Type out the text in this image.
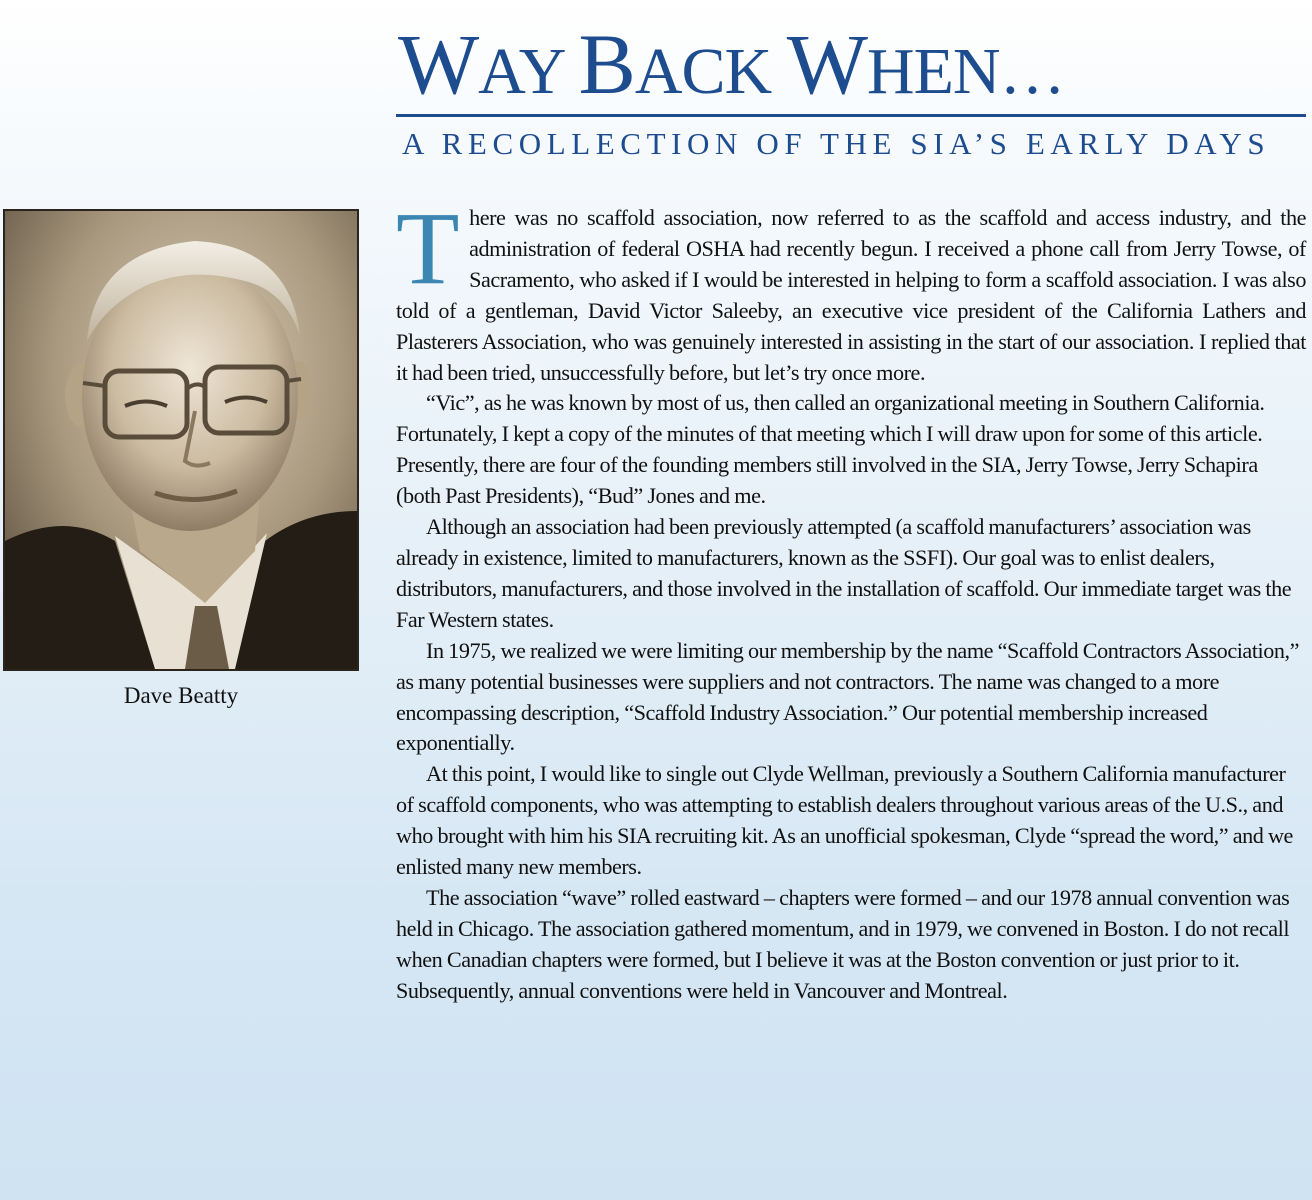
WAY BACK WHEN…
A RECOLLECTION OF THE SIA’S EARLY DAYS
Dave Beatty

There was no scaffold association, now referred to as the scaffold and access industry, and the administration of federal OSHA had recently begun. I received a phone call from Jerry Towse, of Sacramento, who asked if I would be interested in helping to form a scaffold association. I was also told of a gentleman, David Victor Saleeby, an executive vice president of the California Lathers and Plasterers Association, who was genuinely interested in assisting in the start of our association. I replied that it had been tried, unsuccessfully before, but let’s try once more.

“Vic”, as he was known by most of us, then called an organizational meeting in Southern California. Fortunately, I kept a copy of the minutes of that meeting which I will draw upon for some of this article. Presently, there are four of the founding members still involved in the SIA, Jerry Towse, Jerry Schapira (both Past Presidents), “Bud” Jones and me.

Although an association had been previously attempted (a scaffold manufacturers’ association was already in existence, limited to manufacturers, known as the SSFI). Our goal was to enlist dealers, distributors, manufacturers, and those involved in the installation of scaffold. Our immediate target was the Far Western states.

In 1975, we realized we were limiting our membership by the name “Scaffold Contractors Association,” as many potential businesses were suppliers and not contractors. The name was changed to a more encompassing description, “Scaffold Industry Association.” Our potential membership increased exponentially.

At this point, I would like to single out Clyde Wellman, previously a Southern California manufacturer of scaffold components, who was attempting to establish dealers throughout various areas of the U.S., and who brought with him his SIA recruiting kit. As an unofficial spokesman, Clyde “spread the word,” and we enlisted many new members.

The association “wave” rolled eastward – chapters were formed – and our 1978 annual convention was held in Chicago. The association gathered momentum, and in 1979, we convened in Boston. I do not recall when Canadian chapters were formed, but I believe it was at the Boston convention or just prior to it. Subsequently, annual conventions were held in Vancouver and Montreal.
